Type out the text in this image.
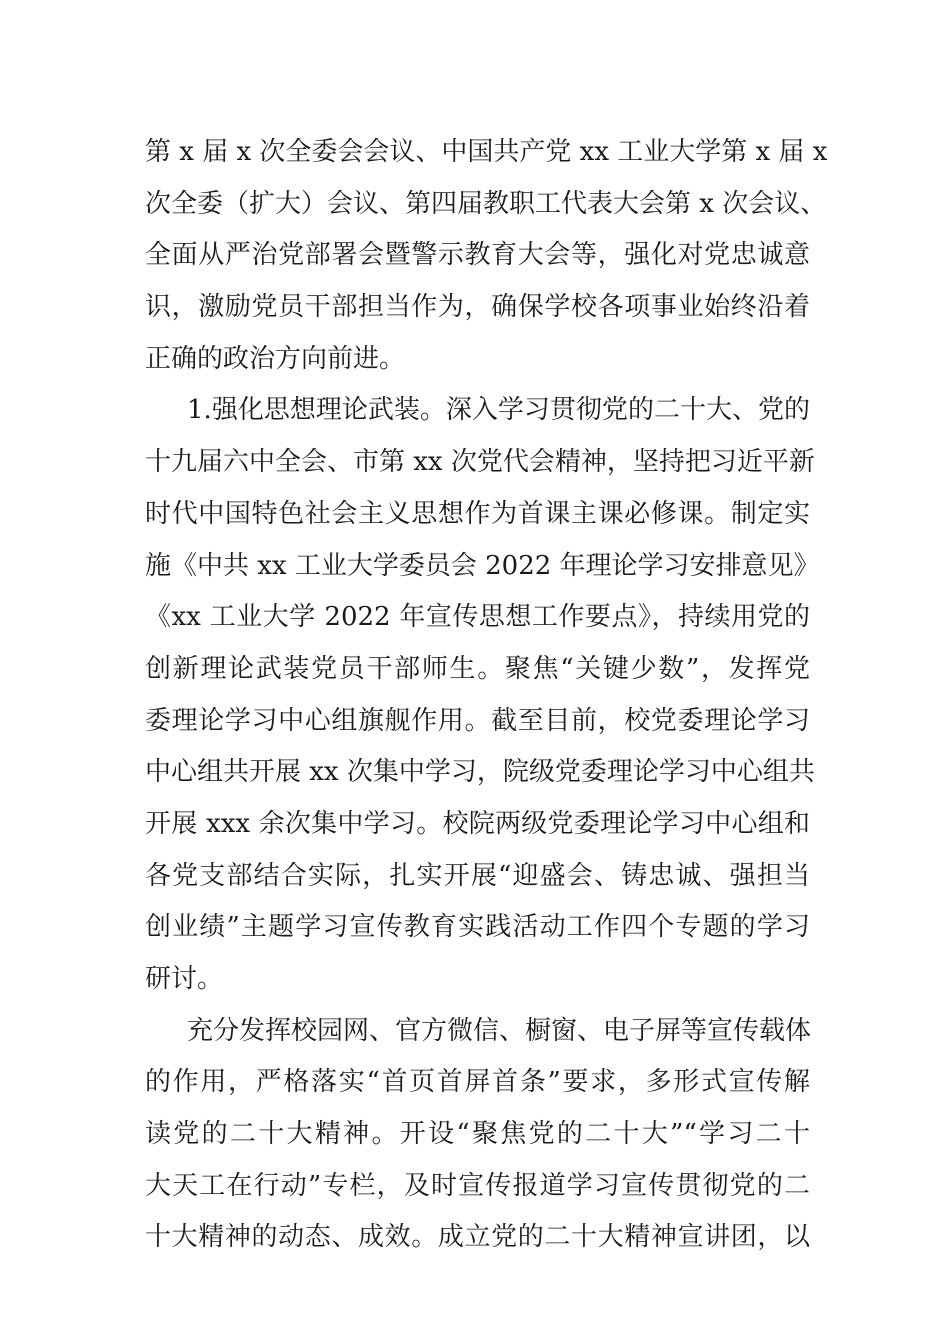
第 x 届 x 次全委会会议、中国共产党 xx 工业大学第 x 届 x
次全委（扩大）会议、第四届教职工代表大会第 x 次会议、
全面从严治党部署会暨警示教育大会等，强化对党忠诚意
识，激励党员干部担当作为，确保学校各项事业始终沿着
正确的政治方向前进。
1.强化思想理论武装。深入学习贯彻党的二十大、党的
十九届六中全会、市第 xx 次党代会精神，坚持把习近平新
时代中国特色社会主义思想作为首课主课必修课。制定实
施《中共 xx 工业大学委员会 2022 年理论学习安排意见》
《xx 工业大学 2022 年宣传思想工作要点》，持续用党的
创新理论武装党员干部师生。聚焦“关键少数”，发挥党
委理论学习中心组旗舰作用。截至目前，校党委理论学习
中心组共开展 xx 次集中学习，院级党委理论学习中心组共
开展 xxx 余次集中学习。校院两级党委理论学习中心组和
各党支部结合实际，扎实开展“迎盛会、铸忠诚、强担当
创业绩”主题学习宣传教育实践活动工作四个专题的学习
研讨。
充分发挥校园网、官方微信、橱窗、电子屏等宣传载体
的作用，严格落实“首页首屏首条”要求，多形式宣传解
读党的二十大精神。开设“聚焦党的二十大”“学习二十
大天工在行动”专栏，及时宣传报道学习宣传贯彻党的二
十大精神的动态、成效。成立党的二十大精神宣讲团，以
